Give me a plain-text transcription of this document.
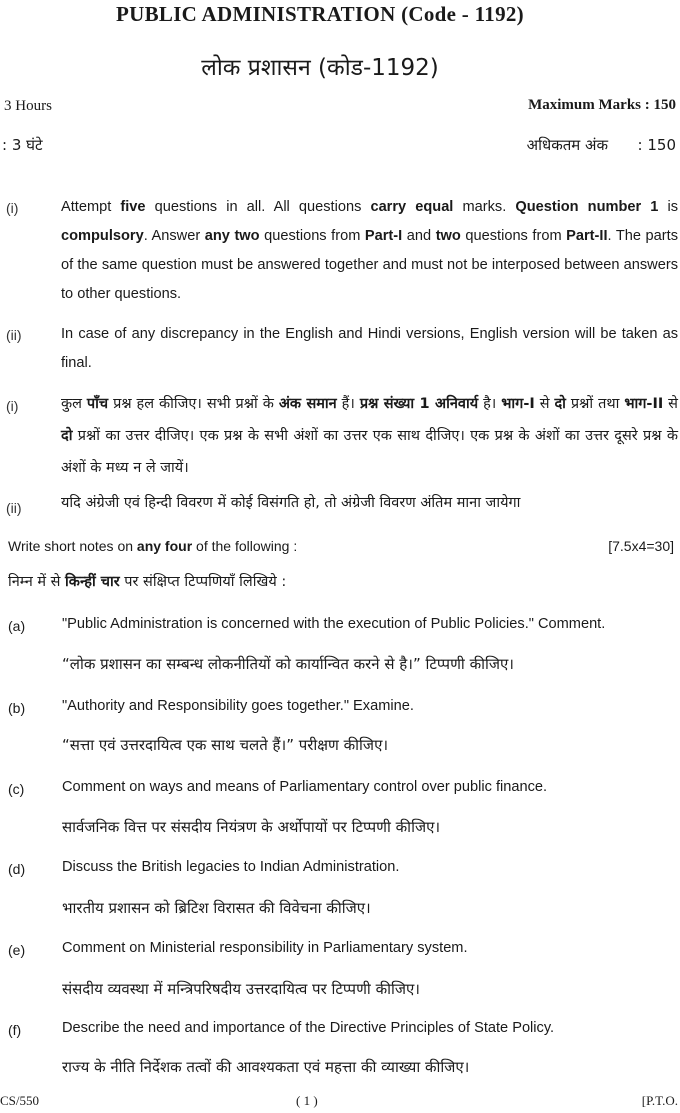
PUBLIC ADMINISTRATION (Code - 1192)
लोक प्रशासन (कोड-1192)
3 Hours	Maximum Marks : 150
: 3 घंटे	अधिकतम अंक : 150
(i)	Attempt five questions in all. All questions carry equal marks. Question number 1 is compulsory. Answer any two questions from Part-I and two questions from Part-II. The parts of the same question must be answered together and must not be interposed between answers to other questions.
(ii)	In case of any discrepancy in the English and Hindi versions, English version will be taken as final.
(i)	कुल पाँच प्रश्न हल कीजिए। सभी प्रश्नों के अंक समान हैं। प्रश्न संख्या 1 अनिवार्य है। भाग-I से दो प्रश्नों तथा भाग-II से दो प्रश्नों का उत्तर दीजिए। एक प्रश्न के सभी अंशों का उत्तर एक साथ दीजिए। एक प्रश्न के अंशों का उत्तर दूसरे प्रश्न के अंशों के मध्य न ले जायें।
(ii)	यदि अंग्रेजी एवं हिन्दी विवरण में कोई विसंगति हो, तो अंग्रेजी विवरण अंतिम माना जायेगा
Write short notes on any four of the following :	[7.5x4=30]
निम्न में से किन्हीं चार पर संक्षिप्त टिप्पणियाँ लिखिये :
(a)	"Public Administration is concerned with the execution of Public Policies." Comment.
“लोक प्रशासन का सम्बन्ध लोकनीतियों को कार्यान्वित करने से है।” टिप्पणी कीजिए।
(b)	"Authority and Responsibility goes together." Examine.
“सत्ता एवं उत्तरदायित्व एक साथ चलते हैं।” परीक्षण कीजिए।
(c)	Comment on ways and means of Parliamentary control over public finance.
सार्वजनिक वित्त पर संसदीय नियंत्रण के अर्थोपायों पर टिप्पणी कीजिए।
(d)	Discuss the British legacies to Indian Administration.
भारतीय प्रशासन को ब्रिटिश विरासत की विवेचना कीजिए।
(e)	Comment on Ministerial responsibility in Parliamentary system.
संसदीय व्यवस्था में मन्त्रिपरिषदीय उत्तरदायित्व पर टिप्पणी कीजिए।
(f)	Describe the need and importance of the Directive Principles of State Policy.
राज्य के नीति निर्देशक तत्वों की आवश्यकता एवं महत्ता की व्याख्या कीजिए।
CS/550	( 1 )	[P.T.O.
